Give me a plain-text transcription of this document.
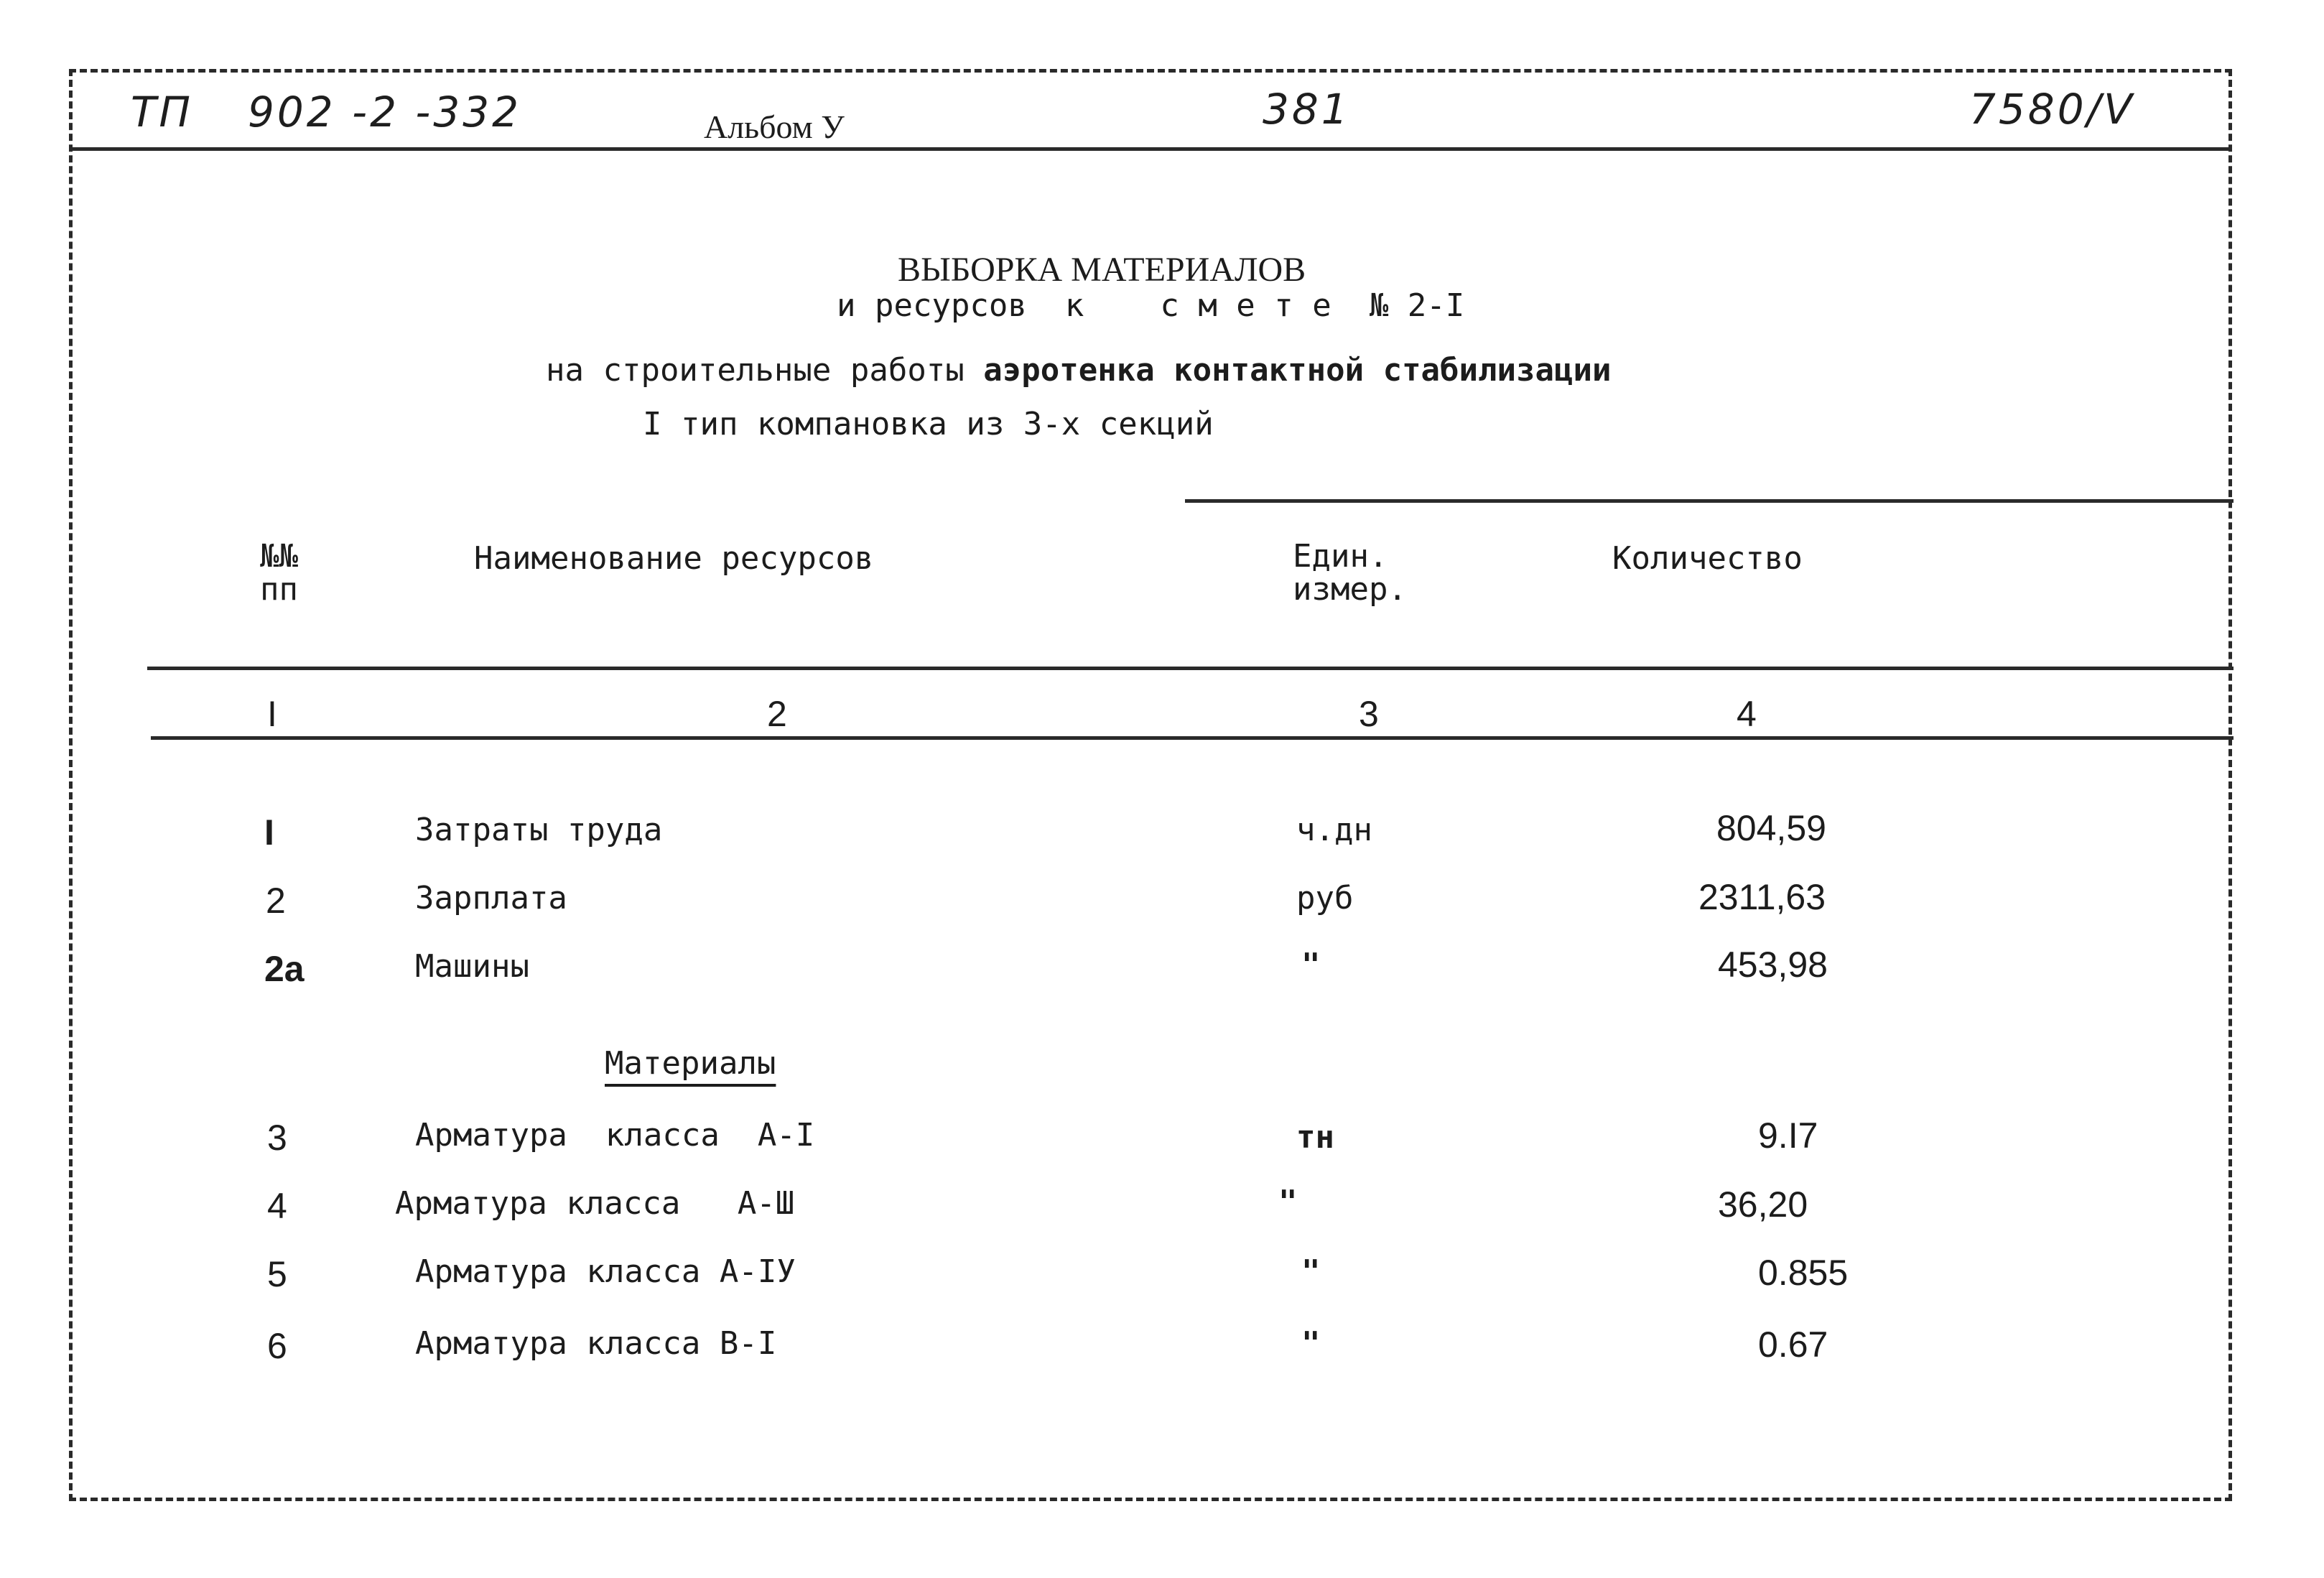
ТП 902 -2 -332	Альбом У	381	7580/V
ВЫБОРКА МАТЕРИАЛОВ
и ресурсов  к    с м е т е  № 2-I
на строительные работы аэротенка контактной стабилизации
I тип компановка из 3-х секций
№№
пп
Наименование ресурсов	Един.
измер.
Количество
I	2	3	4
I	Затраты труда	ч.дн	804,59
2	Зарплата	руб	2311,63
2а	Машины	"	453,98
Материалы
3	Арматура  класса  А-I	тн	9.I7
4	Арматура класса   А-Ш	"	36,20
5	Арматура класса А-IУ	"	0.855
6	Арматура класса В-I	"	0.67
